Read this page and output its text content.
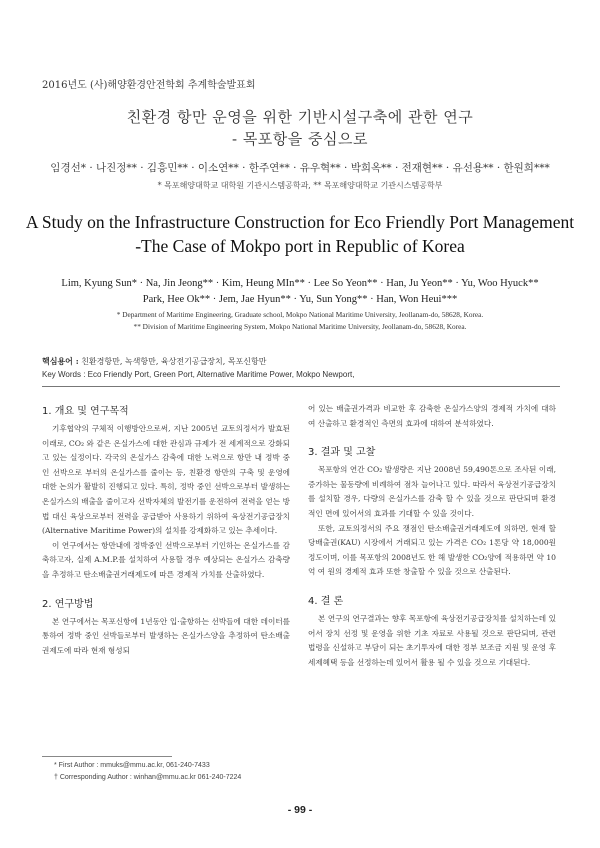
2016년도 (사)해양환경안전학회 추계학술발표회
친환경 항만 운영을 위한 기반시설구축에 관한 연구
- 목포항을 중심으로
임경선* · 나진정** · 김흥민** · 이소연** · 한주연** · 유우혁** · 박희옥** · 전재현** · 유선용** · 한원희***
* 목포해양대학교 대학원 기관시스템공학과, ** 목포해양대학교 기관시스템공학부
A Study on the Infrastructure Construction for Eco Friendly Port Management
-The Case of Mokpo port in Republic of Korea
Lim, Kyung Sun* · Na, Jin Jeong** · Kim, Heung MIn** · Lee So Yeon** · Han, Ju Yeon** · Yu, Woo Hyuck**
Park, Hee Ok** · Jem, Jae Hyun** · Yu, Sun Yong** · Han, Won Heui***
* Department of Maritime Engineering, Graduate school, Mokpo National Maritime University, Jeollanam-do, 58628, Korea.
** Division of Maritime Engineering System, Mokpo National Maritime University, Jeollanam-do, 58628, Korea.
핵심용어 : 친환경항만, 녹색항만, 육상전기공급장치, 목포신항만
Key Words : Eco Friendly Port, Green Port, Alternative Maritime Power, Mokpo Newport,
1. 개요 및 연구목적

기후협약의 구체적 이행방안으로써, 지난 2005년 교토의정서가 발효된 이래로, CO₂ 와 같은 온실가스에 대한 관심과 규제가 전 세계적으로 강화되고 있는 실정이다. 각국의 온실가스 감축에 대한 노력으로 항만 내 정박 중인 선박으로 부터의 온실가스를 줄이는 등, 친환경 항만의 구축 및 운영에 대한 논의가 활발히 진행되고 있다. 특히, 정박 중인 선박으로부터 발생하는 온실가스의 배출을 줄이고자 선박자체의 발전기를 운전하여 전력을 얻는 방법 대신 육상으로부터 전력을 공급받아 사용하기 위하여 육상전기공급장치(Alternative Maritime Power)의 설치를 강제화하고 있는 추세이다.

이 연구에서는 항만내에 정박중인 선박으로부터 기인하는 온실가스를 감축하고자, 실제 A.M.P.를 설치하여 사용할 경우 예상되는 온실가스 감축량을 추정하고 탄소배출권거래제도에 따른 경제적 가치를 산출하였다.

2. 연구방법

본 연구에서는 목포신항에 1년동안 입·출항하는 선박들에 대한 데이터를 통하여 정박 중인 선박들로부터 발생하는 온실가스양을 추정하여 탄소배출권제도에 따라 현재 형성되

어 있는 배출권가격과 비교한 후 감축한 온실가스양의 경제적 가치에 대하여 산출하고 환경적인 측면의 효과에 대하여 분석하였다.

3. 결과 및 고찰

목포항의 연간 CO₂ 발생량은 지난 2008년 59,490톤으로 조사된 이래, 증가하는 물동량에 비례하여 점차 늘어나고 있다. 따라서 육상전기공급장치를 설치할 경우, 다량의 온실가스를 감축 할 수 있을 것으로 판단되며 환경적인 면에 있어서의 효과를 기대할 수 있을 것이다.

또한, 교토의정서의 주요 쟁점인 탄소배출권거래제도에 의하면, 현재 할당배출권(KAU) 시장에서 거래되고 있는 가격은 CO₂ 1톤당 약 18,000원 정도이며, 이를 목포항의 2008년도 한 해 발생한 CO₂양에 적용하면 약 10억 여 원의 경제적 효과 또한 창출할 수 있을 것으로 산출된다.

4. 결 론

본 연구의 연구결과는 향후 목포항에 육상전기공급장치를 설치하는데 있어서 장치 선정 및 운영을 위한 기초 자료로 사용될 것으로 판단되며, 관련 법령을 신설하고 부담이 되는 초기투자에 대한 정부 보조금 지원 및 운영 후 세제혜택 등을 선정하는데 있어서 활용 될 수 있을 것으로 기대된다.

* First Author : mmuks@mmu.ac.kr, 061-240-7433
† Corresponding Author : winhan@mmu.ac.kr 061-240-7224
- 99 -
